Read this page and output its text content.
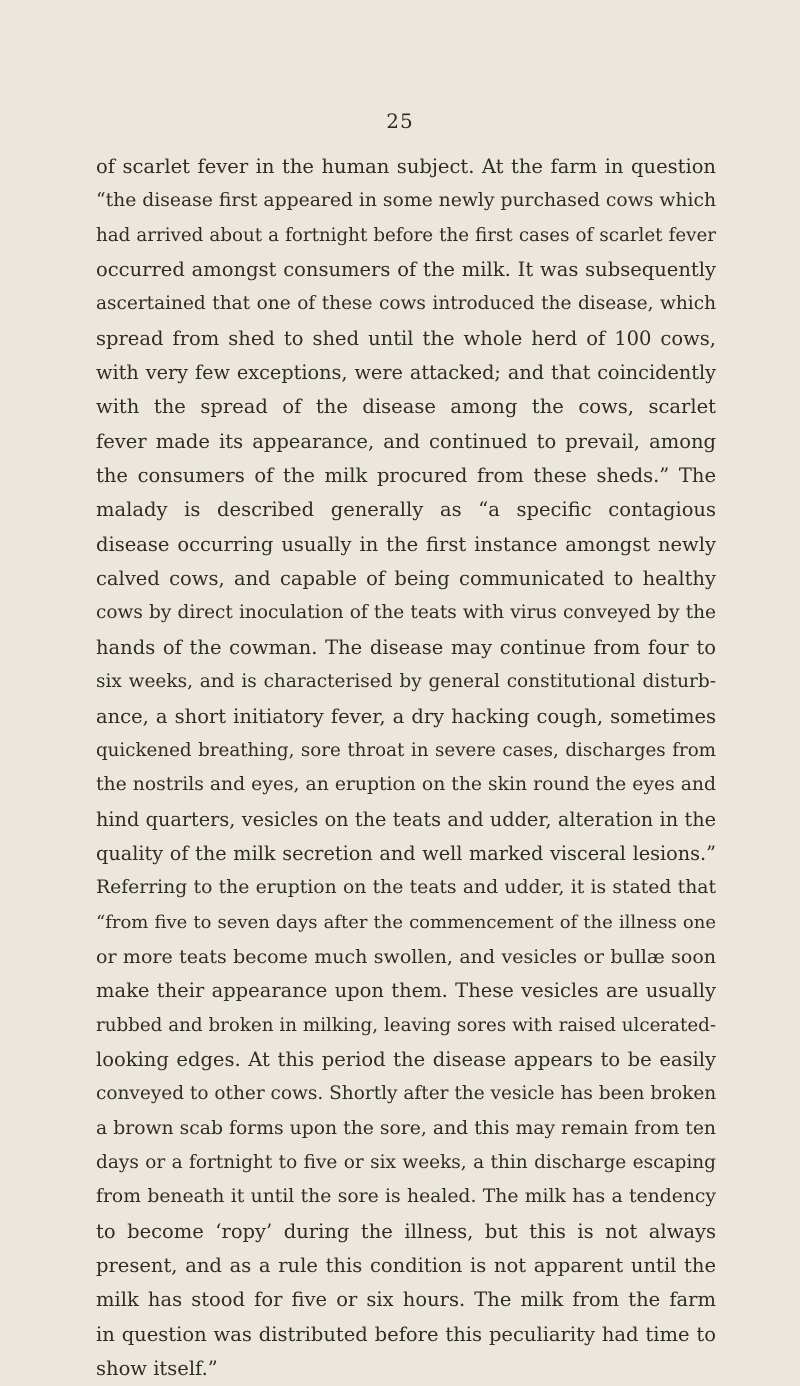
25
of scarlet fever in the human subject. At the farm in question
“the disease first appeared in some newly purchased cows which
had arrived about a fortnight before the first cases of scarlet fever
occurred amongst consumers of the milk. It was subsequently
ascertained that one of these cows introduced the disease, which
spread from shed to shed until the whole herd of 100 cows,
with very few exceptions, were attacked; and that coincidently
with the spread of the disease among the cows, scarlet
fever made its appearance, and continued to prevail, among
the consumers of the milk procured from these sheds.” The
malady is described generally as “a specific contagious
disease occurring usually in the first instance amongst newly
calved cows, and capable of being communicated to healthy
cows by direct inoculation of the teats with virus conveyed by the
hands of the cowman. The disease may continue from four to
six weeks, and is characterised by general constitutional disturb-
ance, a short initiatory fever, a dry hacking cough, sometimes
quickened breathing, sore throat in severe cases, discharges from
the nostrils and eyes, an eruption on the skin round the eyes and
hind quarters, vesicles on the teats and udder, alteration in the
quality of the milk secretion and well marked visceral lesions.”
Referring to the eruption on the teats and udder, it is stated that
“from five to seven days after the commencement of the illness one
or more teats become much swollen, and vesicles or bullæ soon
make their appearance upon them. These vesicles are usually
rubbed and broken in milking, leaving sores with raised ulcerated-
looking edges. At this period the disease appears to be easily
conveyed to other cows. Shortly after the vesicle has been broken
a brown scab forms upon the sore, and this may remain from ten
days or a fortnight to five or six weeks, a thin discharge escaping
from beneath it until the sore is healed. The milk has a tendency
to become ‘ropy’ during the illness, but this is not always
present, and as a rule this condition is not apparent until the
milk has stood for five or six hours. The milk from the farm
in question was distributed before this peculiarity had time to
show itself.”
